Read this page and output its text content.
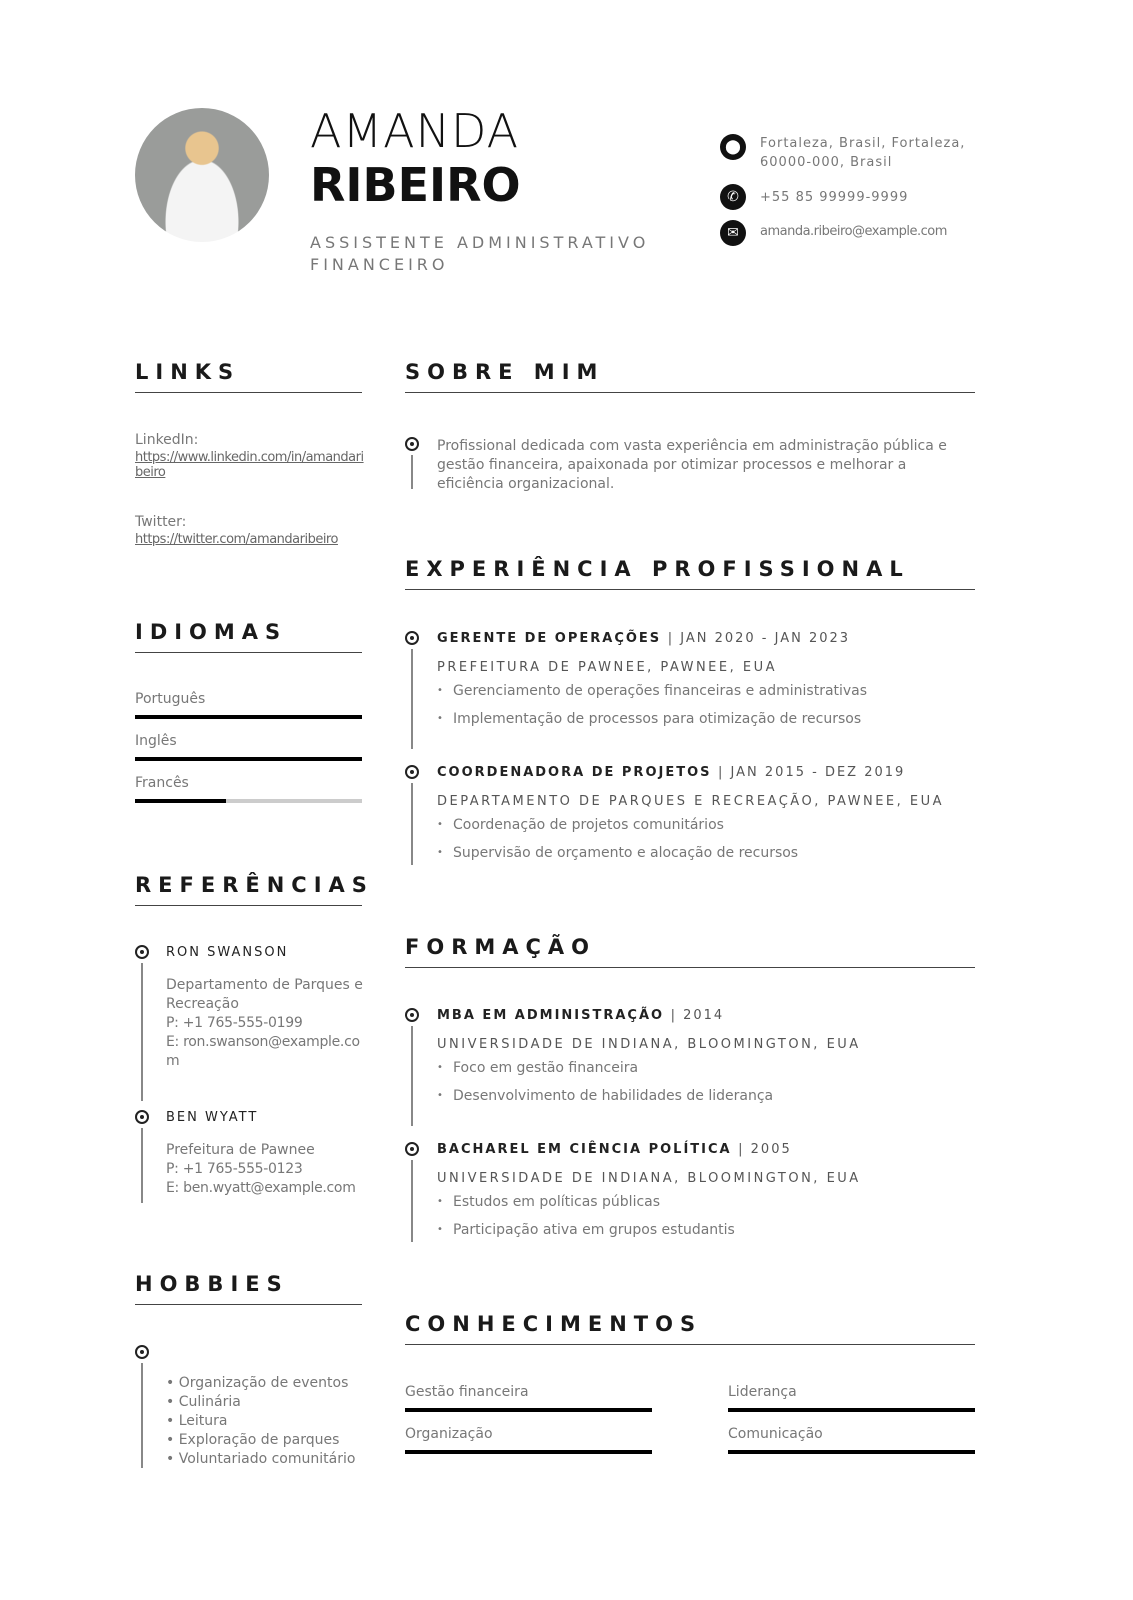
AMANDA
RIBEIRO
ASSISTENTE ADMINISTRATIVO FINANCEIRO
⬤	Fortaleza, Brasil, Fortaleza, 60000-000, Brasil
✆	+55 85 99999-9999
✉	amanda.ribeiro@example.com
LINKS
LinkedIn:
https://www.linkedin.com/in/amandaribeiro
Twitter:
https://twitter.com/amandaribeiro
IDIOMAS
Português
Inglês
Francês
REFERÊNCIAS
RON SWANSON
Departamento de Parques e Recreação
P: +1 765-555-0199
E: ron.swanson@example.com
BEN WYATT
Prefeitura de Pawnee
P: +1 765-555-0123
E: ben.wyatt@example.com
HOBBIES
• Organização de eventos
• Culinária
• Leitura
• Exploração de parques
• Voluntariado comunitário
SOBRE MIM
Profissional dedicada com vasta experiência em administração pública e gestão financeira, apaixonada por otimizar processos e melhorar a eficiência organizacional.
EXPERIÊNCIA PROFISSIONAL
GERENTE DE OPERAÇÕES | JAN 2020 - JAN 2023
PREFEITURA DE PAWNEE, PAWNEE, EUA
• Gerenciamento de operações financeiras e administrativas
• Implementação de processos para otimização de recursos
COORDENADORA DE PROJETOS | JAN 2015 - DEZ 2019
DEPARTAMENTO DE PARQUES E RECREAÇÃO, PAWNEE, EUA
• Coordenação de projetos comunitários
• Supervisão de orçamento e alocação de recursos
FORMAÇÃO
MBA EM ADMINISTRAÇÃO | 2014
UNIVERSIDADE DE INDIANA, BLOOMINGTON, EUA
• Foco em gestão financeira
• Desenvolvimento de habilidades de liderança
BACHAREL EM CIÊNCIA POLÍTICA | 2005
UNIVERSIDADE DE INDIANA, BLOOMINGTON, EUA
• Estudos em políticas públicas
• Participação ativa em grupos estudantis
CONHECIMENTOS
Gestão financeira	Liderança
Organização	Comunicação
